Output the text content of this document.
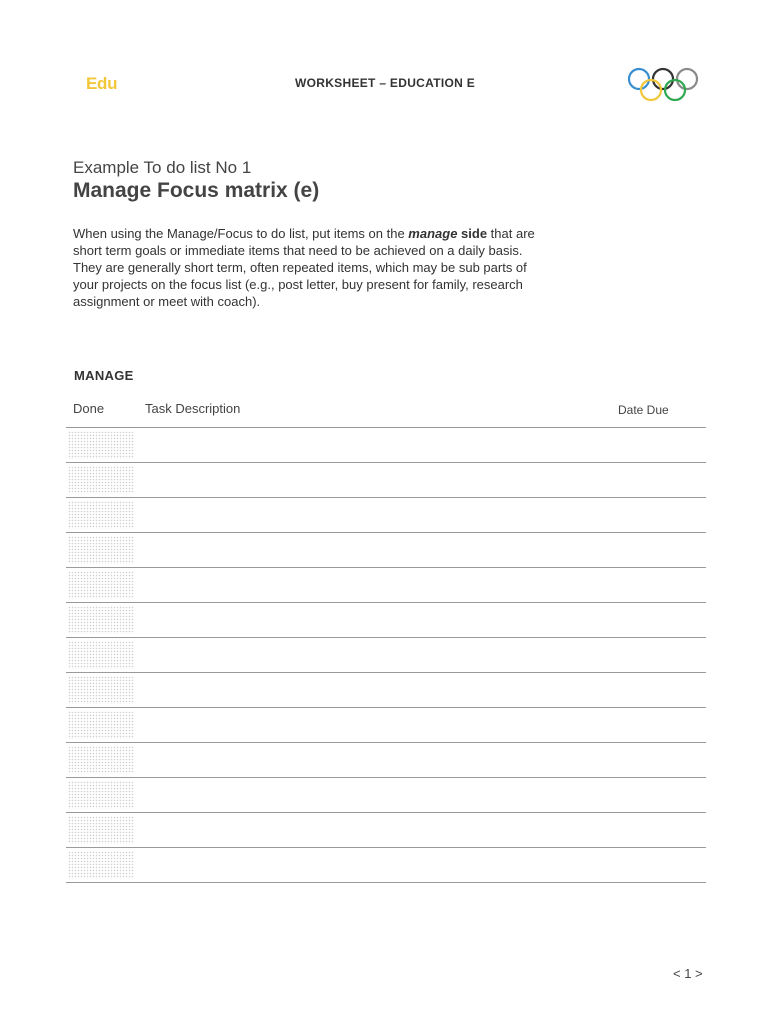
Edu	WORKSHEET – EDUCATION E
Example To do list No 1
Manage Focus matrix (e)
When using the Manage/Focus to do list, put items on the manage side that are short term goals or immediate items that need to be achieved on a daily basis. They are generally short term, often repeated items, which may be sub parts of your projects on the focus list (e.g., post letter, buy present for family, research assignment or meet with coach).
MANAGE
Done	Task Description	Date Due
< 1 >
